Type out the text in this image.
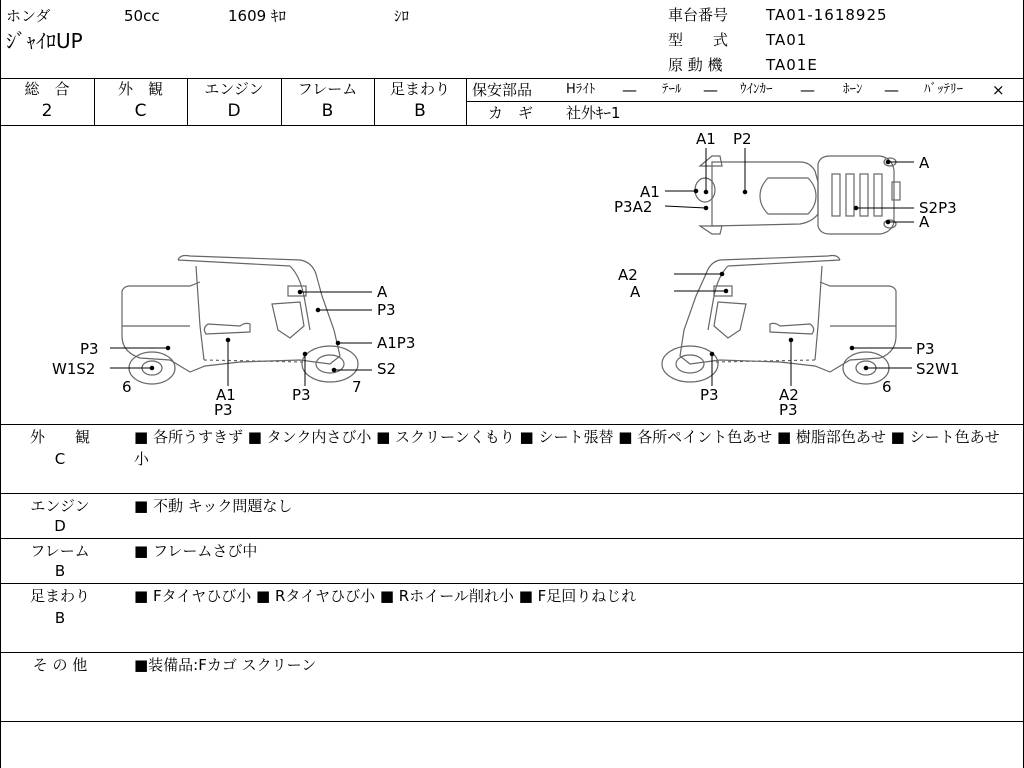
ホンダ	50cc	1609 ｷﾛ	ｼﾛ
ｼﾞｬｲﾛUP
車台番号	TA01-1618925
型　　式	TA01
原 動 機	TA01E
総　合
2
外　観
C
エンジン
D
フレーム
B
足まわり
B
保安部品	Hﾗｲﾄ — ﾃｰﾙ — ｳｲﾝｶｰ — ﾎｰﾝ — ﾊﾞｯﾃﾘｰ ×
カ　ギ 社外ｷｰ1
A1 P2
A
A1
P3A2	S2P3
A
A
P3
A1P3
P3
W1S2	S2
6	7
A1	P3
P3
A2
A
P3
S2W1
6
P3	A2
P3
外　　観
C
■ 各所うすきず ■ タンク内さび小 ■ スクリーンくもり ■ シート張替 ■ 各所ペイント色あせ ■ 樹脂部色あせ ■ シート色あせ小
エンジン
D
■ 不動 キック問題なし
フレーム
B
■ フレームさび中
足まわり
B
■ Fタイヤひび小 ■ Rタイヤひび小 ■ Rホイール削れ小 ■ F足回りねじれ
そ の 他	■装備品:Fカゴ スクリーン
